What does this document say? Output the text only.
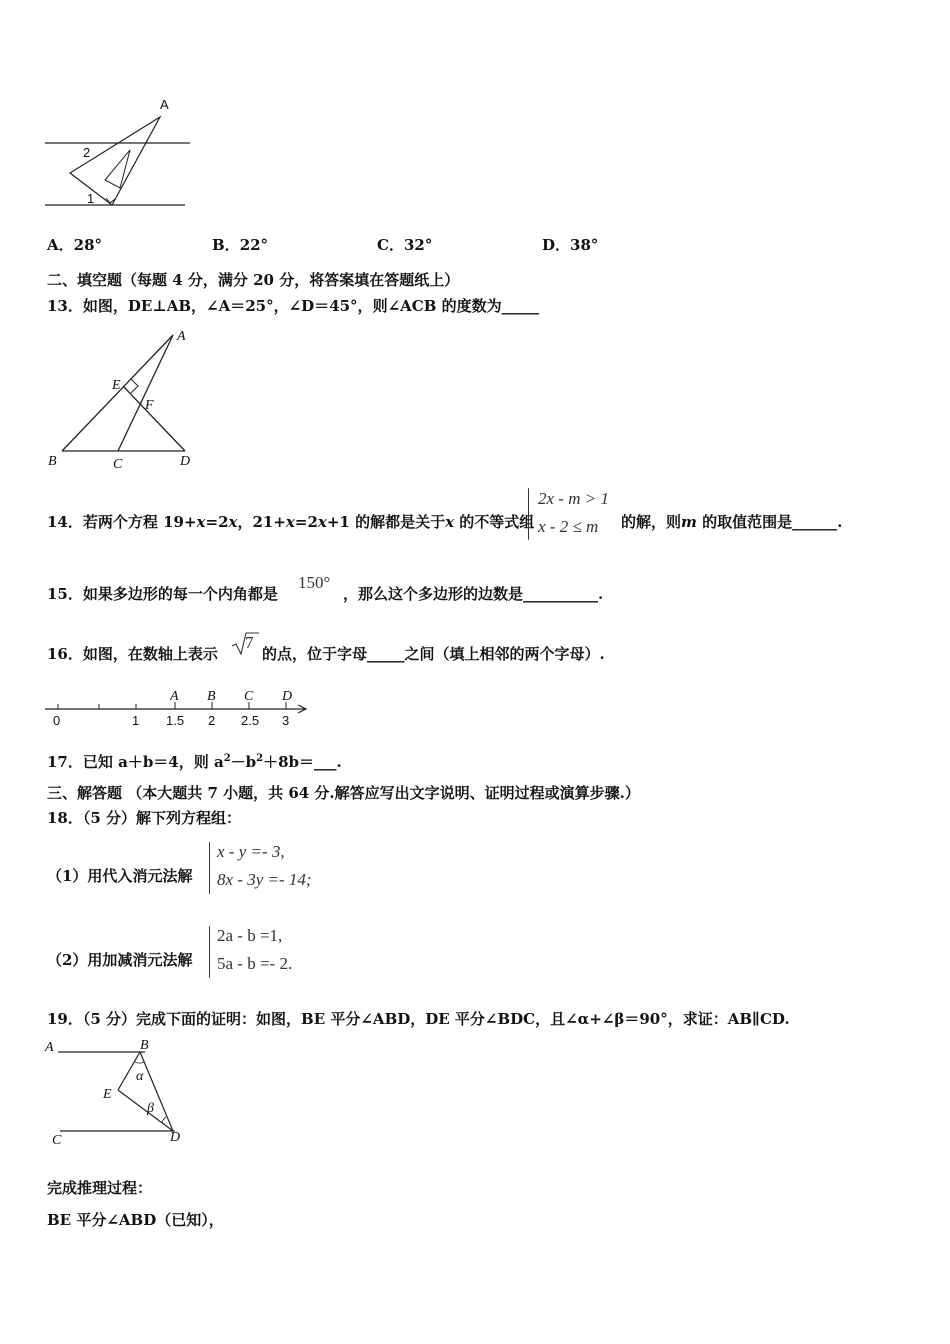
A
2
1
A．28°	B．22°	C．32°	D．38°
二、填空题（每题 4 分，满分 20 分，将答案填在答题纸上）
13．如图，DE⊥AB，∠A＝25°，∠D＝45°，则∠ACB 的度数为_____
A
E
F
B	C	D
14．若两个方程 19+x=2x，21+x=2x+1 的解都是关于x 的不等式组
2x - m > 1
x - 2 ≤ m 的解，则m 的取值范围是______.
15．如果多边形的每一个内角都是
150°
，那么这个多边形的边数是__________.
16．如图，在数轴上表示
7
的点，位于字母_____之间（填上相邻的两个字母）.
A B C D
0	1 1.5 2 2.5 3
17．已知 a＋b＝4，则 $a^2-b^2+8b=\_\_\_$.
三、解答题 （本大题共 7 小题，共 64 分.解答应写出文字说明、证明过程或演算步骤.）
18．（5 分）解下列方程组：
（1）用代入消元法解
x - y =- 3,
8x - 3y =- 14;
（2）用加减消元法解
2a - b =1,
5a - b =- 2.
19．（5 分）完成下面的证明：如图，BE 平分∠ABD，DE 平分∠BDC，且∠α+∠β＝90°，求证：AB∥CD.
A	B
E
C	D
α
β
完成推理过程：
BE 平分∠ABD（已知），
